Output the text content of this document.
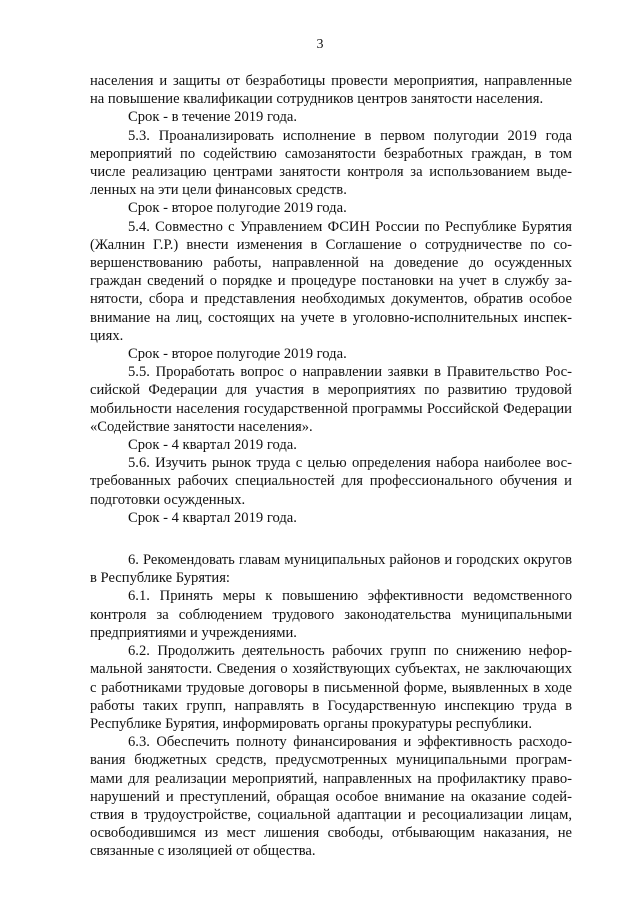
3

населения и защиты от безработицы провести мероприятия, направленные на повышение квалификации сотрудников центров занятости населения.

Срок - в течение 2019 года.

5.3. Проанализировать исполнение в первом полугодии 2019 года мероприятий по содействию самозанятости безработных граждан, в том числе реализацию центрами занятости контроля за использованием выделенных на эти цели финансовых средств.

Срок - второе полугодие 2019 года.

5.4. Совместно с Управлением ФСИН России по Республике Бурятия (Жалнин Г.Р.) внести изменения в Соглашение о сотрудничестве по совершенствованию работы, направленной на доведение до осужденных граждан сведений о порядке и процедуре постановки на учет в службу занятости, сбора и представления необходимых документов, обратив особое внимание на лиц, состоящих на учете в уголовно-исполнительных инспекциях.

Срок - второе полугодие 2019 года.

5.5. Проработать вопрос о направлении заявки в Правительство Российской Федерации для участия в мероприятиях по развитию трудовой мобильности населения государственной программы Российской Федерации «Содействие занятости населения».

Срок - 4 квартал 2019 года.

5.6. Изучить рынок труда с целью определения набора наиболее востребованных рабочих специальностей для профессионального обучения и подготовки осужденных.

Срок - 4 квартал 2019 года.

6. Рекомендовать главам муниципальных районов и городских округов в Республике Бурятия:

6.1. Принять меры к повышению эффективности ведомственного контроля за соблюдением трудового законодательства муниципальными предприятиями и учреждениями.

6.2. Продолжить деятельность рабочих групп по снижению неформальной занятости. Сведения о хозяйствующих субъектах, не заключающих с работниками трудовые договоры в письменной форме, выявленных в ходе работы таких групп, направлять в Государственную инспекцию труда в Республике Бурятия, информировать органы прокуратуры республики.

6.3. Обеспечить полноту финансирования и эффективность расходования бюджетных средств, предусмотренных муниципальными программами для реализации мероприятий, направленных на профилактику правонарушений и преступлений, обращая особое внимание на оказание содействия в трудоустройстве, социальной адаптации и ресоциализации лицам, освободившимся из мест лишения свободы, отбывающим наказания, не связанные с изоляцией от общества.
